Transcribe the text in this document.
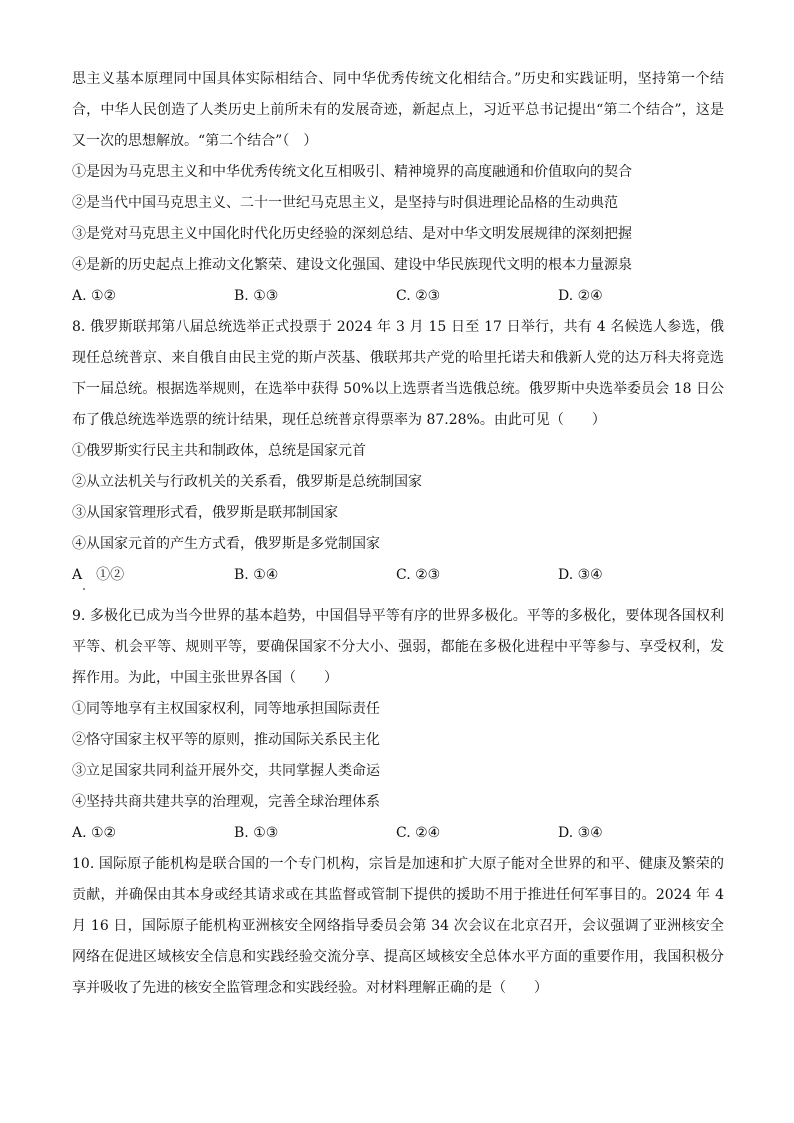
思主义基本原理同中国具体实际相结合、同中华优秀传统文化相结合。”历史和实践证明，坚持第一个结合，中华人民创造了人类历史上前所未有的发展奇迹，新起点上，习近平总书记提出“第二个结合”，这是又一次的思想解放。“第二个结合”（　）

①是因为马克思主义和中华优秀传统文化互相吸引、精神境界的高度融通和价值取向的契合

②是当代中国马克思主义、二十一世纪马克思主义，是坚持与时俱进理论品格的生动典范

③是党对马克思主义中国化时代化历史经验的深刻总结、是对中华文明发展规律的深刻把握

④是新的历史起点上推动文化繁荣、建设文化强国、建设中华民族现代文明的根本力量源泉

A. ①②	B. ①③	C. ②③	D. ②④

8. 俄罗斯联邦第八届总统选举正式投票于 2024 年 3 月 15 日至 17 日举行，共有 4 名候选人参选，俄现任总统普京、来自俄自由民主党的斯卢茨基、俄联邦共产党的哈里托诺夫和俄新人党的达万科夫将竞选下一届总统。根据选举规则，在选举中获得 50%以上选票者当选俄总统。俄罗斯中央选举委员会 18 日公布了俄总统选举选票的统计结果，现任总统普京得票率为 87.28%。由此可见（　　）

①俄罗斯实行民主共和制政体，总统是国家元首

②从立法机关与行政机关的关系看，俄罗斯是总统制国家

③从国家管理形式看，俄罗斯是联邦制国家

④从国家元首的产生方式看，俄罗斯是多党制国家

A　①②	B. ①④	C. ②③	D. ③④

9. 多极化已成为当今世界的基本趋势，中国倡导平等有序的世界多极化。平等的多极化，要体现各国权利平等、机会平等、规则平等，要确保国家不分大小、强弱，都能在多极化进程中平等参与、享受权利，发挥作用。为此，中国主张世界各国（　　）

①同等地享有主权国家权利，同等地承担国际责任

②恪守国家主权平等的原则，推动国际关系民主化

③立足国家共同利益开展外交，共同掌握人类命运

④坚持共商共建共享的治理观，完善全球治理体系

A. ①②	B. ①③	C. ②④	D. ③④

10. 国际原子能机构是联合国的一个专门机构，宗旨是加速和扩大原子能对全世界的和平、健康及繁荣的贡献，并确保由其本身或经其请求或在其监督或管制下提供的援助不用于推进任何军事目的。2024 年 4 月 16 日，国际原子能机构亚洲核安全网络指导委员会第 34 次会议在北京召开，会议强调了亚洲核安全网络在促进区域核安全信息和实践经验交流分享、提高区域核安全总体水平方面的重要作用，我国积极分享并吸收了先进的核安全监管理念和实践经验。对材料理解正确的是（　　）
